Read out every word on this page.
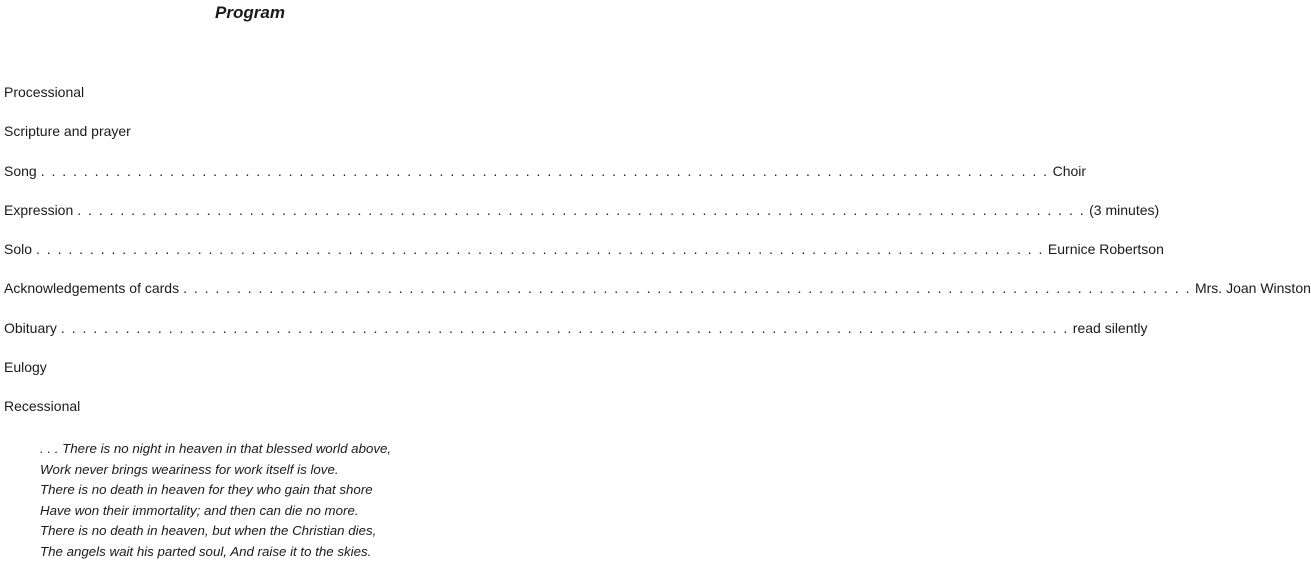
Program
Processional
Scripture and prayer
Song . . . . . . . . . . . . . . . . . . . . . . . . . . . . . . . . . . . . . . . . . . . . . . . . . . . . . . . . . . . . . . . . . . . . . . . . . . . . . . . . . . . . . . . . . . . . . . Choir
Expression . . . . . . . . . . . . . . . . . . . . . . . . . . . . . . . . . . . . . . . . . . . . . . . . . . . . . . . . . . . . . . . . . . . . . . . . . . . . . . . . . . . . . . . . . . . . . . (3 minutes)
Solo . . . . . . . . . . . . . . . . . . . . . . . . . . . . . . . . . . . . . . . . . . . . . . . . . . . . . . . . . . . . . . . . . . . . . . . . . . . . . . . . . . . . . . . . . . . . . . Eurnice Robertson
Acknowledgements of cards . . . . . . . . . . . . . . . . . . . . . . . . . . . . . . . . . . . . . . . . . . . . . . . . . . . . . . . . . . . . . . . . . . . . . . . . . . . . . . . . . . . . . . . . . . . . . . Mrs. Joan Winston
Obituary . . . . . . . . . . . . . . . . . . . . . . . . . . . . . . . . . . . . . . . . . . . . . . . . . . . . . . . . . . . . . . . . . . . . . . . . . . . . . . . . . . . . . . . . . . . . . . read silently
Eulogy
Recessional
. . . There is no night in heaven in that blessed world above,
Work never brings weariness for work itself is love.
There is no death in heaven for they who gain that shore
Have won their immortality; and then can die no more.
There is no death in heaven, but when the Christian dies,
The angels wait his parted soul, And raise it to the skies.
